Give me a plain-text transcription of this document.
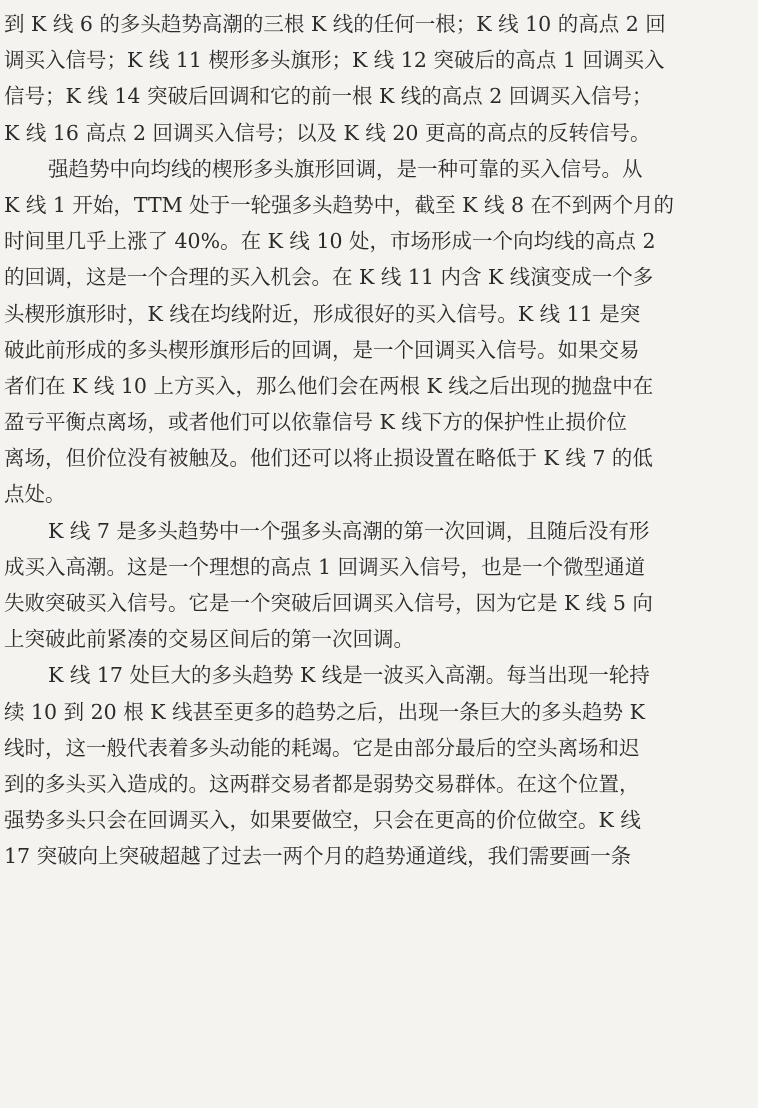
到 K 线 6 的多头趋势高潮的三根 K 线的任何一根；K 线 10 的高点 2 回
调买入信号；K 线 11 楔形多头旗形；K 线 12 突破后的高点 1 回调买入
信号；K 线 14 突破后回调和它的前一根 K 线的高点 2 回调买入信号；
K 线 16 高点 2 回调买入信号；以及 K 线 20 更高的高点的反转信号。
强趋势中向均线的楔形多头旗形回调，是一种可靠的买入信号。从
K 线 1 开始，TTM 处于一轮强多头趋势中，截至 K 线 8 在不到两个月的
时间里几乎上涨了 40%。在 K 线 10 处，市场形成一个向均线的高点 2
的回调，这是一个合理的买入机会。在 K 线 11 内含 K 线演变成一个多
头楔形旗形时，K 线在均线附近，形成很好的买入信号。K 线 11 是突
破此前形成的多头楔形旗形后的回调，是一个回调买入信号。如果交易
者们在 K 线 10 上方买入，那么他们会在两根 K 线之后出现的抛盘中在
盈亏平衡点离场，或者他们可以依靠信号 K 线下方的保护性止损价位
离场，但价位没有被触及。他们还可以将止损设置在略低于 K 线 7 的低
点处。
K 线 7 是多头趋势中一个强多头高潮的第一次回调，且随后没有形
成买入高潮。这是一个理想的高点 1 回调买入信号，也是一个微型通道
失败突破买入信号。它是一个突破后回调买入信号，因为它是 K 线 5 向
上突破此前紧凑的交易区间后的第一次回调。
K 线 17 处巨大的多头趋势 K 线是一波买入高潮。每当出现一轮持
续 10 到 20 根 K 线甚至更多的趋势之后，出现一条巨大的多头趋势 K
线时，这一般代表着多头动能的耗竭。它是由部分最后的空头离场和迟
到的多头买入造成的。这两群交易者都是弱势交易群体。在这个位置，
强势多头只会在回调买入，如果要做空，只会在更高的价位做空。K 线
17 突破向上突破超越了过去一两个月的趋势通道线，我们需要画一条
